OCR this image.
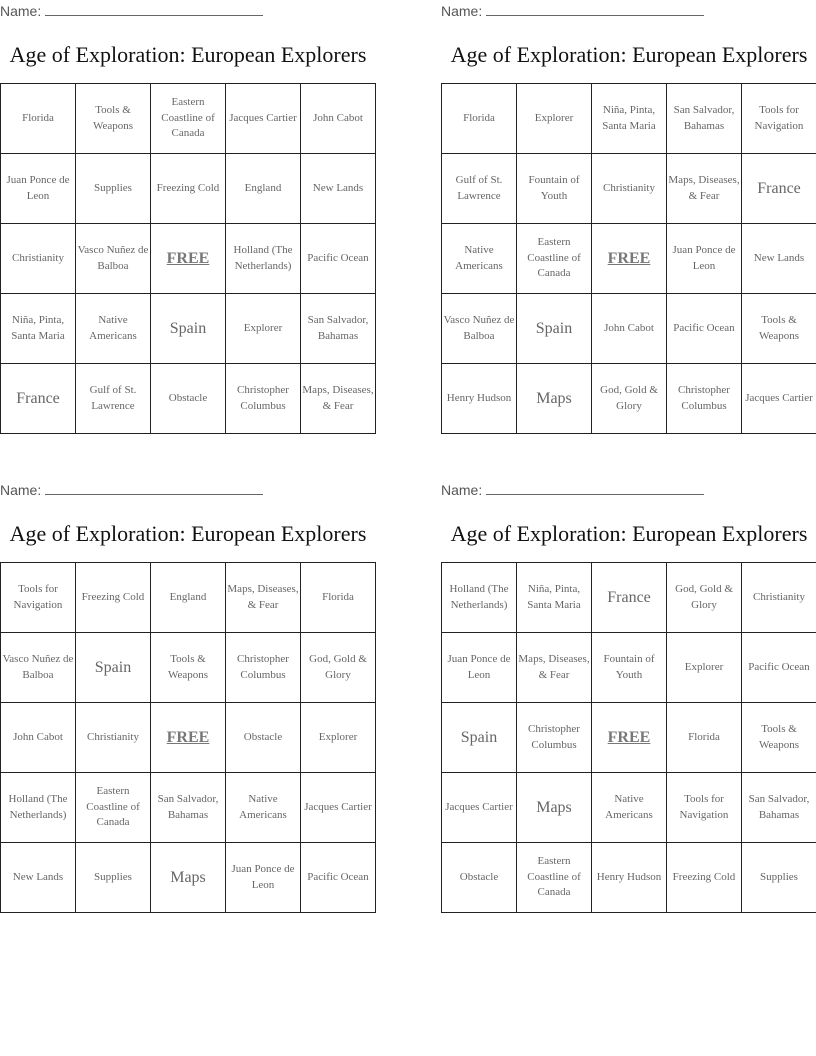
Name:
Age of Exploration: European Explorers
Florida	Tools & Weapons	Eastern Coastline of Canada	Jacques Cartier	John Cabot
Juan Ponce de Leon	Supplies	Freezing Cold	England	New Lands
Christianity	Vasco Nuñez de Balboa	FREE	Holland (The Netherlands)	Pacific Ocean
Niña, Pinta, Santa Maria	Native Americans	Spain	Explorer	San Salvador, Bahamas
France	Gulf of St. Lawrence	Obstacle	Christopher Columbus	Maps, Diseases, & Fear
Name:
Age of Exploration: European Explorers
Florida	Explorer	Niña, Pinta, Santa Maria	San Salvador, Bahamas	Tools for Navigation
Gulf of St. Lawrence	Fountain of Youth	Christianity	Maps, Diseases, & Fear	France
Native Americans	Eastern Coastline of Canada	FREE	Juan Ponce de Leon	New Lands
Vasco Nuñez de Balboa	Spain	John Cabot	Pacific Ocean	Tools & Weapons
Henry Hudson	Maps	God, Gold & Glory	Christopher Columbus	Jacques Cartier
Name:
Age of Exploration: European Explorers
Tools for Navigation	Freezing Cold	England	Maps, Diseases, & Fear	Florida
Vasco Nuñez de Balboa	Spain	Tools & Weapons	Christopher Columbus	God, Gold & Glory
John Cabot	Christianity	FREE	Obstacle	Explorer
Holland (The Netherlands)	Eastern Coastline of Canada	San Salvador, Bahamas	Native Americans	Jacques Cartier
New Lands	Supplies	Maps	Juan Ponce de Leon	Pacific Ocean
Name:
Age of Exploration: European Explorers
Holland (The Netherlands)	Niña, Pinta, Santa Maria	France	God, Gold & Glory	Christianity
Juan Ponce de Leon	Maps, Diseases, & Fear	Fountain of Youth	Explorer	Pacific Ocean
Spain	Christopher Columbus	FREE	Florida	Tools & Weapons
Jacques Cartier	Maps	Native Americans	Tools for Navigation	San Salvador, Bahamas
Obstacle	Eastern Coastline of Canada	Henry Hudson	Freezing Cold	Supplies
